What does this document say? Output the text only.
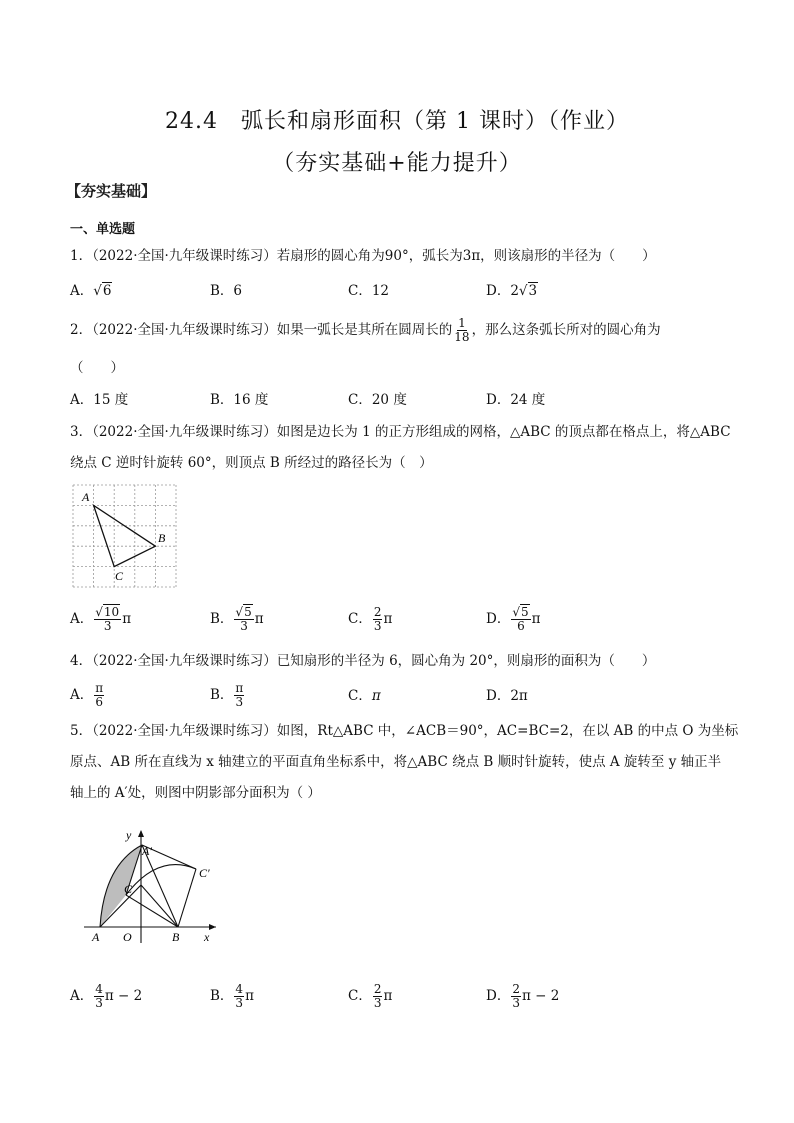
24.4　弧长和扇形面积（第 1 课时）（作业）
（夯实基础+能力提升）
【夯实基础】
一、单选题
1．（2022·全国·九年级课时练习）若扇形的圆心角为90°，弧长为3π，则该扇形的半径为（　　）
A．√6	B．6	C．12	D．2√3
2．（2022·全国·九年级课时练习）如果一弧长是其所在圆周长的 $\frac{1}{18}$ ，那么这条弧长所对的圆心角为
（　　）
A．15 度	B．16 度	C．20 度	D．24 度
3．（2022·全国·九年级课时练习）如图是边长为 1 的正方形组成的网格，△ABC 的顶点都在格点上，将△ABC
绕点 C 逆时针旋转 60°，则顶点 B 所经过的路径长为（　）
A
B
C
A． $\frac{√10}{3}$ π	B． $\frac{√5}{3}$ π	C． $\frac{2}{3}$ π	D． $\frac{√5}{6}$ π
4．（2022·全国·九年级课时练习）已知扇形的半径为 6，圆心角为 20°，则扇形的面积为（　　）
A． $\frac{\pi}{6}$	B． $\frac{\pi}{3}$	C．π	D．2π
5．（2022·全国·九年级课时练习）如图，Rt△ABC 中，∠ACB＝90°，AC=BC=2，在以 AB 的中点 O 为坐标
原点、AB 所在直线为 x 轴建立的平面直角坐标系中，将△ABC 绕点 B 顺时针旋转，使点 A 旋转至 y 轴正半
轴上的 A′处，则图中阴影部分面积为（ ）
y
x
A′
C′
C
A O	B
A． $\frac{4}{3}$ π − 2	B． $\frac{4}{3}$ π	C． $\frac{2}{3}$ π	D． $\frac{2}{3}$ π − 2
